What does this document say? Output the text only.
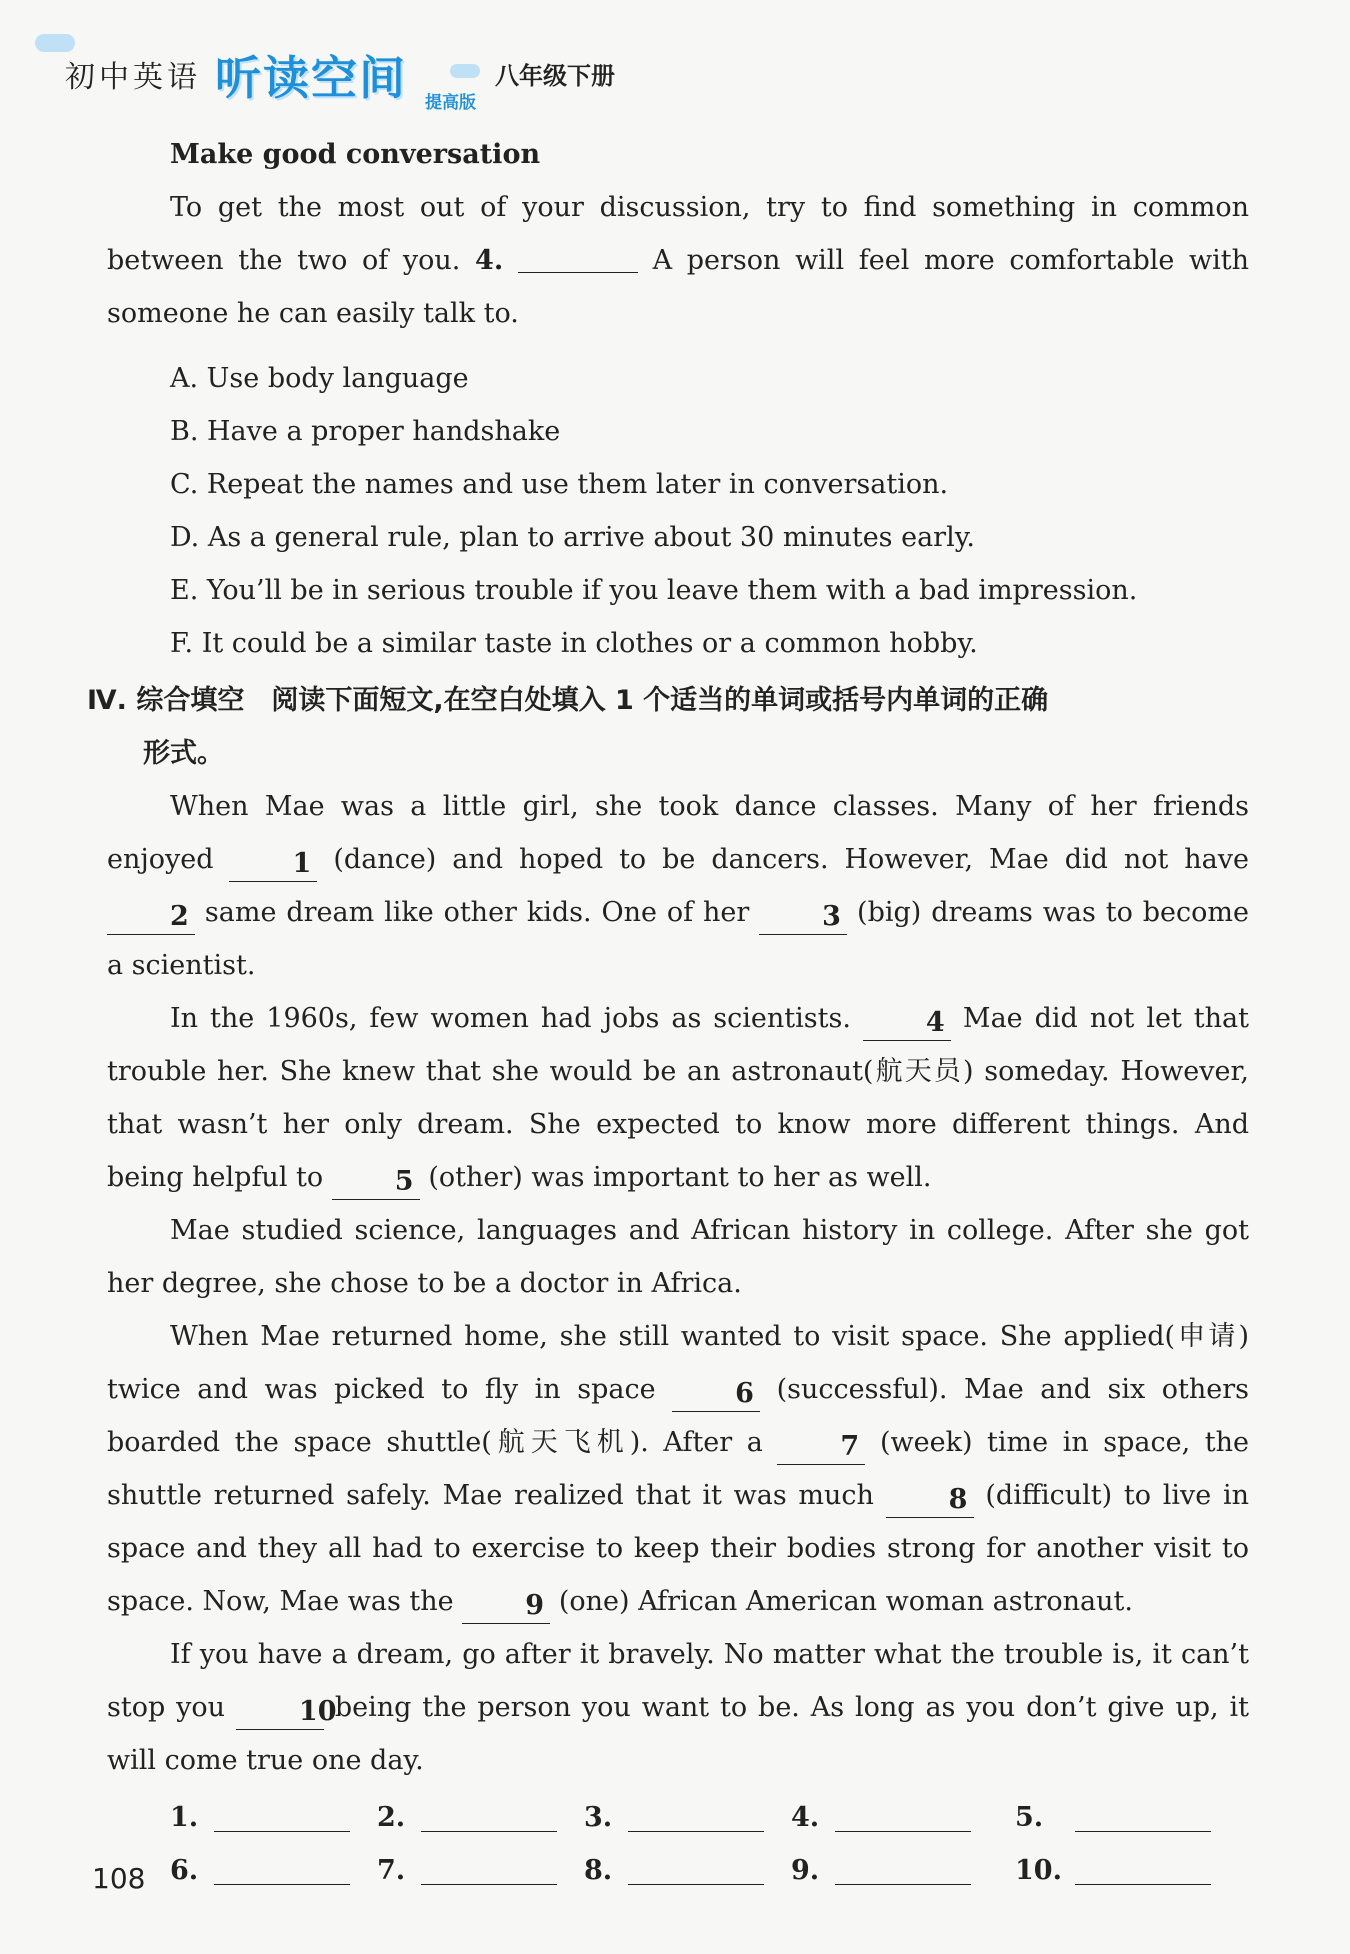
初中英语 听读空间 提高版
八年级下册

Make good conversation

To get the most out of your discussion, try to find something in common between the two of you. 4.	A person will feel more comfortable with someone he can easily talk to.

A. Use body language
B. Have a proper handshake
C. Repeat the names and use them later in conversation.
D. As a general rule, plan to arrive about 30 minutes early.
E. You’ll be in serious trouble if you leave them with a bad impression.
F. It could be a similar taste in clothes or a common hobby.
Ⅳ. 综合填空　阅读下面短文,在空白处填入 1 个适当的单词或括号内单词的正确
形式。

When Mae was a little girl, she took dance classes. Many of her friends enjoyed	1 (dance) and hoped to be dancers. However, Mae did not have 2 same dream like other kids. One of her	3 (big) dreams was to become a scientist.

In the 1960s, few women had jobs as scientists.	4 Mae did not let that trouble her. She knew that she would be an astronaut(航天员) someday. However, that wasn’t her only dream. She expected to know more different things. And being helpful to	5 (other) was important to her as well.

Mae studied science, languages and African history in college. After she got her degree, she chose to be a doctor in Africa.

When Mae returned home, she still wanted to visit space. She applied(申请) twice and was picked to fly in space	6 (successful). Mae and six others boarded the space shuttle(航天飞机). After a	7 (week) time in space, the shuttle returned safely. Mae realized that it was much	8 (difficult) to live in space and they all had to exercise to keep their bodies strong for another visit to space. Now, Mae was the	9 (one) African American woman astronaut.

If you have a dream, go after it bravely. No matter what the trouble is, it can’t stop you	10 being the person you want to be. As long as you don’t give up, it will come true one day.

1.	2.	3.	4.	5.
6.	7.	8.	9.	10.
108
